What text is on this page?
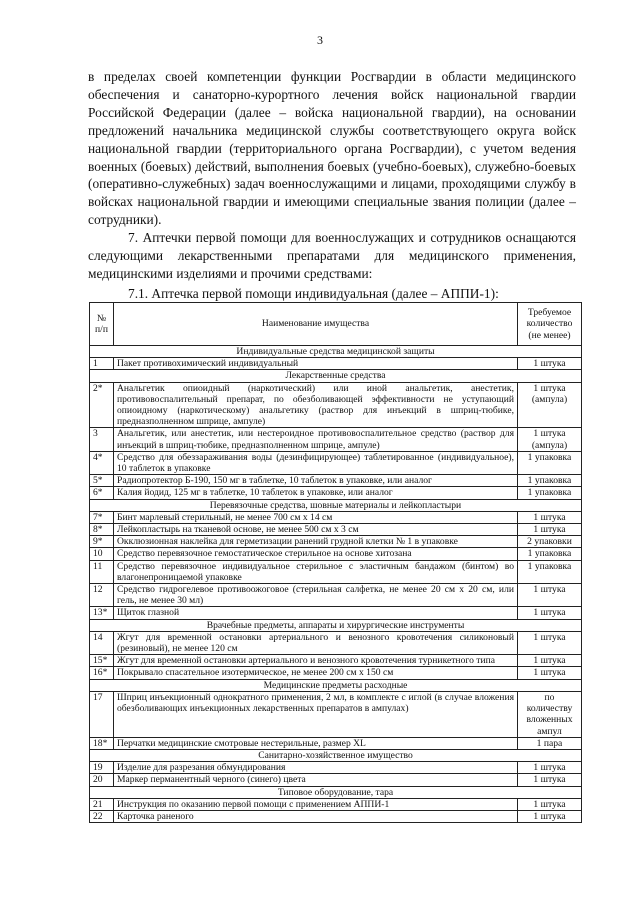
3

в пределах своей компетенции функции Росгвардии в области медицинского обеспечения и санаторно-курортного лечения войск национальной гвардии Российской Федерации (далее – войска национальной гвардии), на основании предложений начальника медицинской службы соответствующего округа войск национальной гвардии (территориального органа Росгвардии), с учетом ведения военных (боевых) действий, выполнения боевых (учебно-боевых), служебно-боевых (оперативно-служебных) задач военнослужащими и лицами, проходящими службу в войсках национальной гвардии и имеющими специальные звания полиции (далее – сотрудники).

7. Аптечки первой помощи для военнослужащих и сотрудников оснащаются следующими лекарственными препаратами для медицинского применения, медицинскими изделиями и прочими средствами:

7.1. Аптечка первой помощи индивидуальная (далее – АППИ-1):

№ п/п	Наименование имущества	Требуемое количество (не менее)
Индивидуальные средства медицинской защиты		
1	Пакет противохимический индивидуальный	1 штука
Лекарственные средства		
2*	Анальгетик опиоидный (наркотический) или иной анальгетик, анестетик, противовоспалительный препарат, по обезболивающей эффективности не уступающий опиоидному (наркотическому) анальгетику (раствор для инъекций в шприц-тюбике, предназполненном шприце, ампуле)	1 штука (ампула)
3	Анальгетик, или анестетик, или нестероидное противовоспалительное средство (раствор для инъекций в шприц-тюбике, предназполненном шприце, ампуле)	1 штука (ампула)
4*	Средство для обеззараживания воды (дезинфицирующее) таблетированное (индивидуальное), 10 таблеток в упаковке	1 упаковка
5*	Радиопротектор Б-190, 150 мг в таблетке, 10 таблеток в упаковке, или аналог	1 упаковка
6*	Калия йодид, 125 мг в таблетке, 10 таблеток в упаковке, или аналог	1 упаковка
Перевязочные средства, шовные материалы и лейкопластыри		
7*	Бинт марлевый стерильный, не менее 700 см х 14 см	1 штука
8*	Лейкопластырь на тканевой основе, не менее 500 см х 3 см	1 штука
9*	Окклюзионная наклейка для герметизации ранений грудной клетки № 1 в упаковке	2 упаковки
10	Средство перевязочное гемостатическое стерильное на основе хитозана	1 упаковка
11	Средство перевязочное индивидуальное стерильное с эластичным бандажом (бинтом) во влагонепроницаемой упаковке	1 упаковка
12	Средство гидрогелевое противоожоговое (стерильная салфетка, не менее 20 см х 20 см, или гель, не менее 30 мл)	1 штука
13*	Щиток глазной	1 штука
Врачебные предметы, аппараты и хирургические инструменты		
14	Жгут для временной остановки артериального и венозного кровотечения силиконовый (резиновый), не менее 120 см	1 штука
15*	Жгут для временной остановки артериального и венозного кровотечения турникетного типа	1 штука
16*	Покрывало спасательное изотермическое, не менее 200 см х 150 см	1 штука
Медицинские предметы расходные		
17	Шприц инъекционный однократного применения, 2 мл, в комплекте с иглой (в случае вложения обезболивающих инъекционных лекарственных препаратов в ампулах)	по количеству вложенных ампул
18*	Перчатки медицинские смотровые нестерильные, размер XL	1 пара
Санитарно-хозяйственное имущество		
19	Изделие для разрезания обмундирования	1 штука
20	Маркер перманентный черного (синего) цвета	1 штука
Типовое оборудование, тара		
21	Инструкция по оказанию первой помощи с применением АППИ-1	1 штука
22	Карточка раненого	1 штука
